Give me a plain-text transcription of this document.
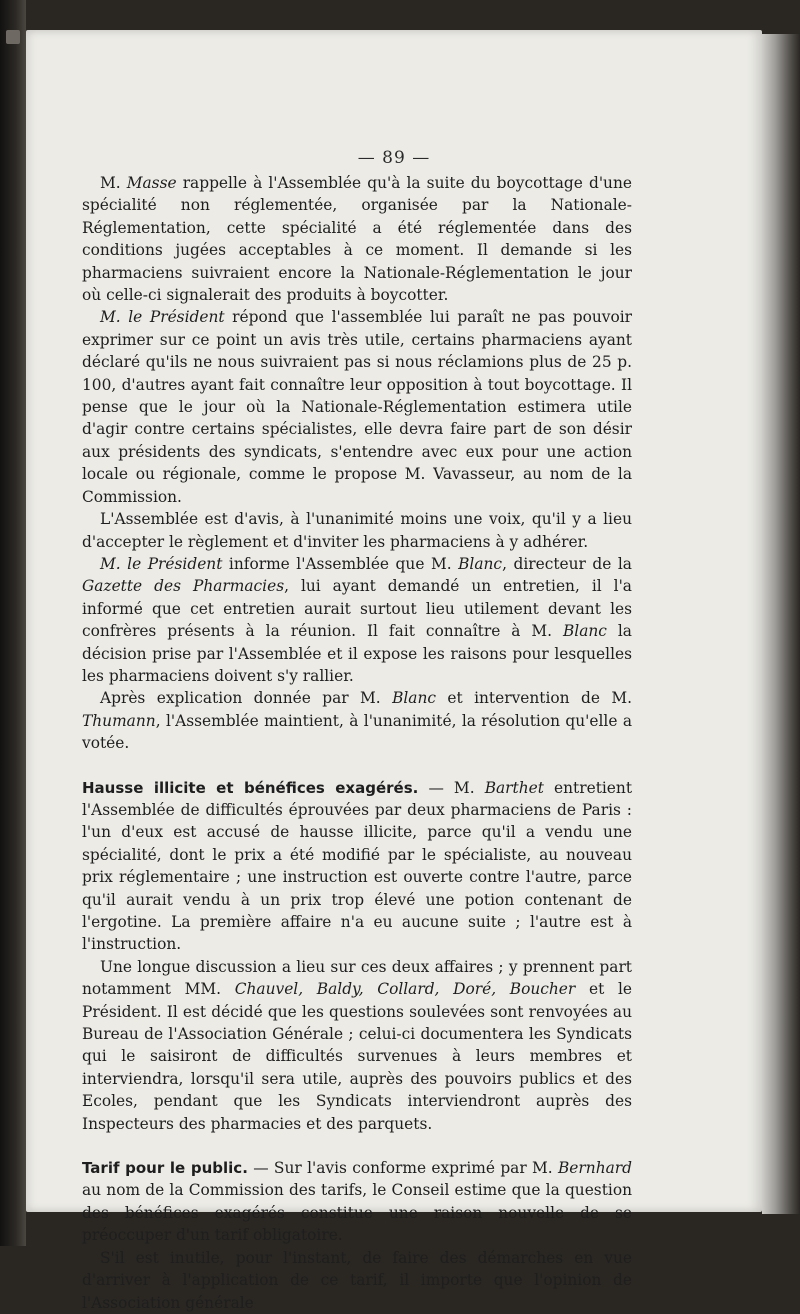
— 89 —

M. Masse rappelle à l'Assemblée qu'à la suite du boycottage d'une spécialité non réglementée, organisée par la Nationale-Réglementation, cette spécialité a été réglementée dans des conditions jugées acceptables à ce moment. Il demande si les pharmaciens suivraient encore la Nationale-Réglementation le jour où celle-ci signalerait des produits à boycotter.

M. le Président répond que l'assemblée lui paraît ne pas pouvoir exprimer sur ce point un avis très utile, certains pharmaciens ayant déclaré qu'ils ne nous suivraient pas si nous réclamions plus de 25 p. 100, d'autres ayant fait connaître leur opposition à tout boycottage. Il pense que le jour où la Nationale-Réglementation estimera utile d'agir contre certains spécialistes, elle devra faire part de son désir aux présidents des syndicats, s'entendre avec eux pour une action locale ou régionale, comme le propose M. Vavasseur, au nom de la Commission.

L'Assemblée est d'avis, à l'unanimité moins une voix, qu'il y a lieu d'accepter le règlement et d'inviter les pharmaciens à y adhérer.

M. le Président informe l'Assemblée que M. Blanc, directeur de la Gazette des Pharmacies, lui ayant demandé un entretien, il l'a informé que cet entretien aurait surtout lieu utilement devant les confrères présents à la réunion. Il fait connaître à M. Blanc la décision prise par l'Assemblée et il expose les raisons pour lesquelles les pharmaciens doivent s'y rallier.

Après explication donnée par M. Blanc et intervention de M. Thumann, l'Assemblée maintient, à l'unanimité, la résolution qu'elle a votée.

Hausse illicite et bénéfices exagérés. — M. Barthet entretient l'Assemblée de difficultés éprouvées par deux pharmaciens de Paris : l'un d'eux est accusé de hausse illicite, parce qu'il a vendu une spécialité, dont le prix a été modifié par le spécialiste, au nouveau prix réglementaire ; une instruction est ouverte contre l'autre, parce qu'il aurait vendu à un prix trop élevé une potion contenant de l'ergotine. La première affaire n'a eu aucune suite ; l'autre est à l'instruction.

Une longue discussion a lieu sur ces deux affaires ; y prennent part notamment MM. Chauvel, Baldy, Collard, Doré, Boucher et le Président. Il est décidé que les questions soulevées sont renvoyées au Bureau de l'Association Générale ; celui-ci documentera les Syndicats qui le saisiront de difficultés survenues à leurs membres et interviendra, lorsqu'il sera utile, auprès des pouvoirs publics et des Ecoles, pendant que les Syndicats interviendront auprès des Inspecteurs des pharmacies et des parquets.

Tarif pour le public. — Sur l'avis conforme exprimé par M. Bernhard au nom de la Commission des tarifs, le Conseil estime que la question des bénéfices exagérés constitue une raison nouvelle de se préoccuper d'un tarif obligatoire.

S'il est inutile, pour l'instant, de faire des démarches en vue d'arriver à l'application de ce tarif, il importe que l'opinion de l'Association générale
